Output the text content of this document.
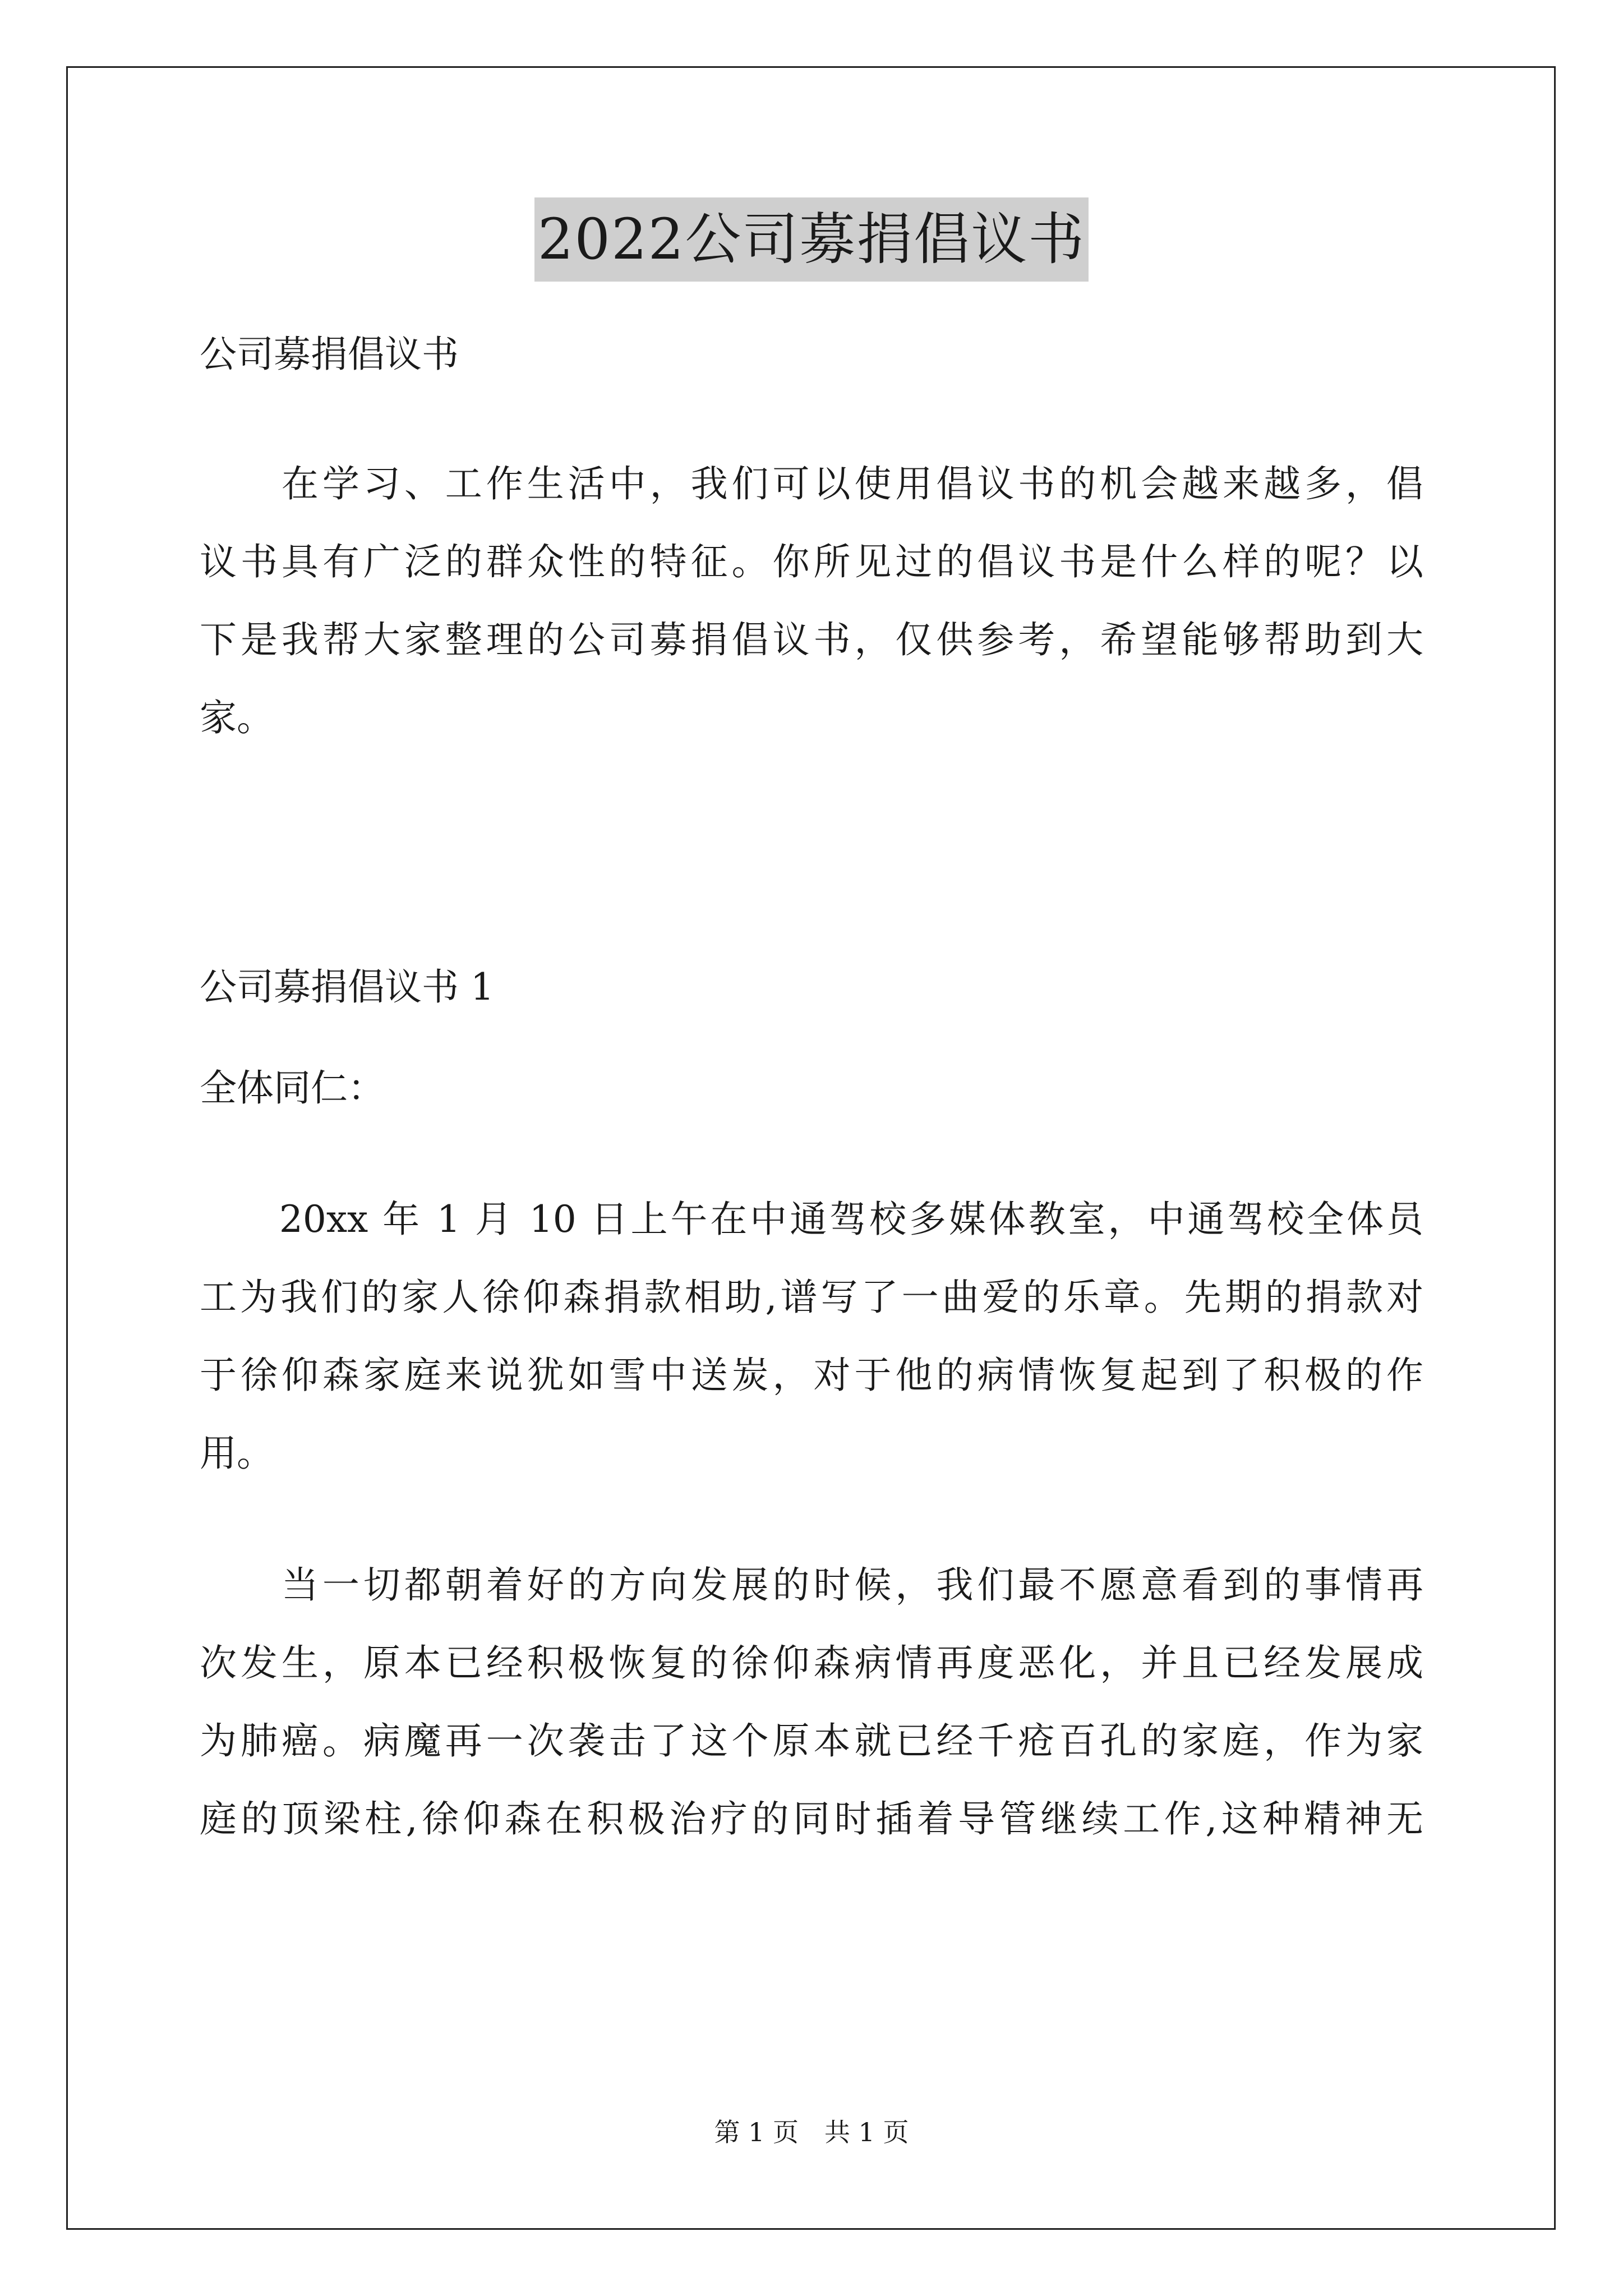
2022公司募捐倡议书
公司募捐倡议书
　　在学习、工作生活中，我们可以使用倡议书的机会越来越多，倡
议书具有广泛的群众性的特征。你所见过的倡议书是什么样的呢？以
下是我帮大家整理的公司募捐倡议书，仅供参考，希望能够帮助到大
家。
公司募捐倡议书 1
全体同仁：
　　20xx 年 1 月 10 日上午在中通驾校多媒体教室，中通驾校全体员
工为我们的家人徐仰森捐款相助,谱写了一曲爱的乐章。先期的捐款对
于徐仰森家庭来说犹如雪中送炭，对于他的病情恢复起到了积极的作
用。
　　当一切都朝着好的方向发展的时候，我们最不愿意看到的事情再
次发生，原本已经积极恢复的徐仰森病情再度恶化，并且已经发展成
为肺癌。病魔再一次袭击了这个原本就已经千疮百孔的家庭，作为家
庭的顶梁柱,徐仰森在积极治疗的同时插着导管继续工作,这种精神无
第 1 页　共 1 页
